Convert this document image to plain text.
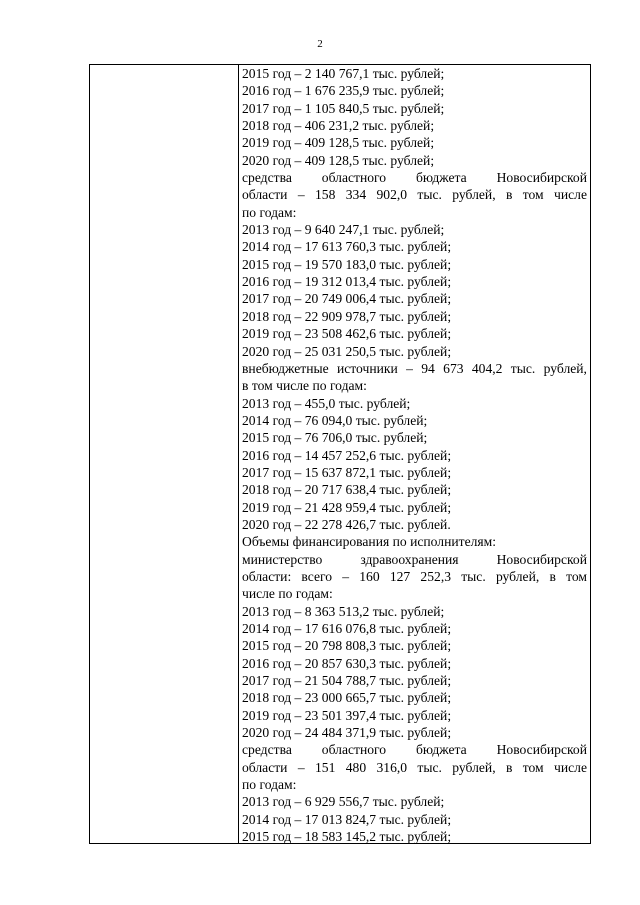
2
2015 год – 2 140 767,1 тыс. рублей;
2016 год – 1 676 235,9 тыс. рублей;
2017 год – 1 105 840,5 тыс. рублей;
2018 год – 406 231,2 тыс. рублей;
2019 год – 409 128,5 тыс. рублей;
2020 год – 409 128,5 тыс. рублей;
средства областного бюджета Новосибирской
области – 158 334 902,0 тыс. рублей, в том числе
по годам:
2013 год – 9 640 247,1 тыс. рублей;
2014 год – 17 613 760,3 тыс. рублей;
2015 год – 19 570 183,0 тыс. рублей;
2016 год – 19 312 013,4 тыс. рублей;
2017 год – 20 749 006,4 тыс. рублей;
2018 год – 22 909 978,7 тыс. рублей;
2019 год – 23 508 462,6 тыс. рублей;
2020 год – 25 031 250,5 тыс. рублей;
внебюджетные источники – 94 673 404,2 тыс. рублей,
в том числе по годам:
2013 год – 455,0 тыс. рублей;
2014 год – 76 094,0 тыс. рублей;
2015 год – 76 706,0 тыс. рублей;
2016 год – 14 457 252,6 тыс. рублей;
2017 год – 15 637 872,1 тыс. рублей;
2018 год – 20 717 638,4 тыс. рублей;
2019 год – 21 428 959,4 тыс. рублей;
2020 год – 22 278 426,7 тыс. рублей.
Объемы финансирования по исполнителям:
министерство	здравоохранения	Новосибирской
области: всего – 160 127 252,3 тыс. рублей, в том
числе по годам:
2013 год – 8 363 513,2 тыс. рублей;
2014 год – 17 616 076,8 тыс. рублей;
2015 год – 20 798 808,3 тыс. рублей;
2016 год – 20 857 630,3 тыс. рублей;
2017 год – 21 504 788,7 тыс. рублей;
2018 год – 23 000 665,7 тыс. рублей;
2019 год – 23 501 397,4 тыс. рублей;
2020 год – 24 484 371,9 тыс. рублей;
средства областного бюджета Новосибирской
области – 151 480 316,0 тыс. рублей, в том числе
по годам:
2013 год – 6 929 556,7 тыс. рублей;
2014 год – 17 013 824,7 тыс. рублей;
2015 год – 18 583 145,2 тыс. рублей;
